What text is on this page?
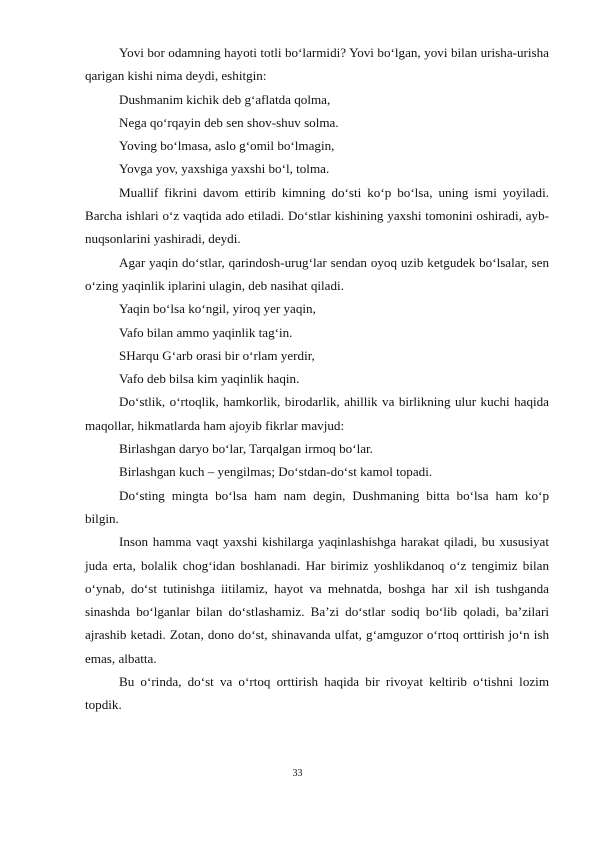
Yovi bor odamning hayoti totli bo‘larmidi? Yovi bo‘lgan, yovi bilan urisha-urisha qarigan kishi nima deydi, eshitgin:

Dushmanim kichik deb g‘aflatda qolma,

Nega qo‘rqayin deb sen shov-shuv solma.

Yoving bo‘lmasa, aslo g‘omil bo‘lmagin,

Yovga yov, yaxshiga yaxshi bo‘l, tolma.

Muallif fikrini davom ettirib kimning do‘sti ko‘p bo‘lsa, uning ismi yoyiladi. Barcha ishlari o‘z vaqtida ado etiladi. Do‘stlar kishining yaxshi tomonini oshiradi, ayb-nuqsonlarini yashiradi, deydi.

Agar yaqin do‘stlar, qarindosh-urug‘lar sendan oyoq uzib ketgudek bo‘lsalar, sen o‘zing yaqinlik iplarini ulagin, deb nasihat qiladi.

Yaqin bo‘lsa ko‘ngil, yiroq yer yaqin,

Vafo bilan ammo yaqinlik tag‘in.

SHarqu G‘arb orasi bir o‘rlam yerdir,

Vafo deb bilsa kim yaqinlik haqin.

Do‘stlik, o‘rtoqlik, hamkorlik, birodarlik, ahillik va birlikning ulur kuchi haqida maqollar, hikmatlarda ham ajoyib fikrlar mavjud:

Birlashgan daryo bo‘lar, Tarqalgan irmoq bo‘lar.

Birlashgan kuch – yengilmas; Do‘stdan-do‘st kamol topadi.

Do‘sting mingta bo‘lsa ham nam degin, Dushmaning bitta bo‘lsa ham ko‘p bilgin.

Inson hamma vaqt yaxshi kishilarga yaqinlashishga harakat qiladi, bu xususiyat juda erta, bolalik chog‘idan boshlanadi. Har birimiz yoshlikdanoq o‘z tengimiz bilan o‘ynab, do‘st tutinishga iitilamiz, hayot va mehnatda, boshga har xil ish tushganda sinashda bo‘lganlar bilan do‘stlashamiz. Ba’zi do‘stlar sodiq bo‘lib qoladi, ba’zilari ajrashib ketadi. Zotan, dono do‘st, shinavanda ulfat, g‘amguzor o‘rtoq orttirish jo‘n ish emas, albatta.

Bu o‘rinda, do‘st va o‘rtoq orttirish haqida bir rivoyat keltirib o‘tishni lozim topdik.

33
